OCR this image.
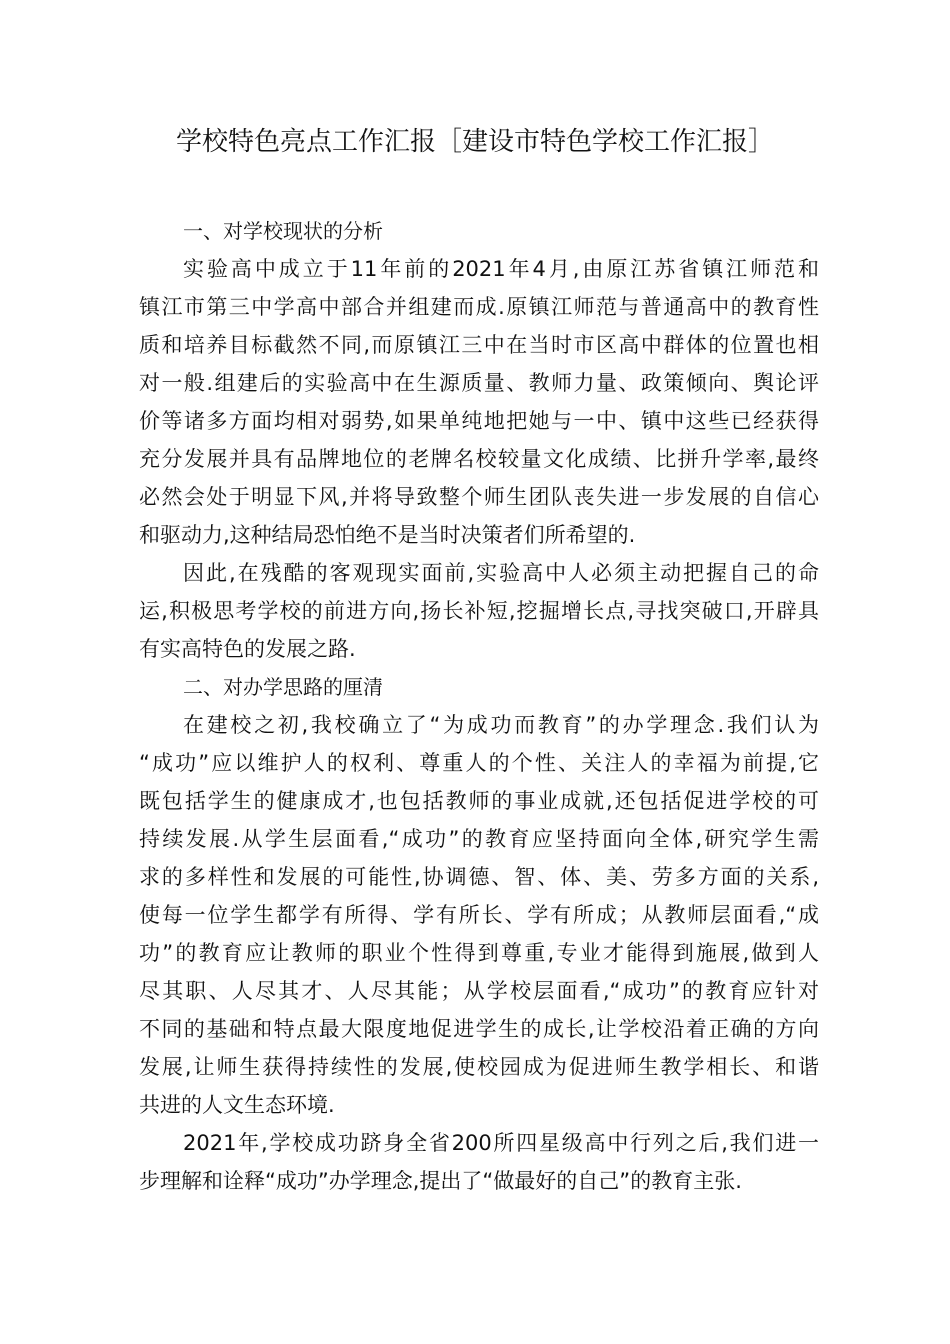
学校特色亮点工作汇报［建设市特色学校工作汇报］

一、对学校现状的分析

实验高中成立于11年前的2021年4月,由原江苏省镇江师范和
镇江市第三中学高中部合并组建而成.原镇江师范与普通高中的教育性
质和培养目标截然不同,而原镇江三中在当时市区高中群体的位置也相
对一般.组建后的实验高中在生源质量、教师力量、政策倾向、舆论评
价等诸多方面均相对弱势,如果单纯地把她与一中、镇中这些已经获得
充分发展并具有品牌地位的老牌名校较量文化成绩、比拼升学率,最终
必然会处于明显下风,并将导致整个师生团队丧失进一步发展的自信心
和驱动力,这种结局恐怕绝不是当时决策者们所希望的.
因此,在残酷的客观现实面前,实验高中人必须主动把握自己的命
运,积极思考学校的前进方向,扬长补短,挖掘增长点,寻找突破口,开辟具
有实高特色的发展之路.

二、对办学思路的厘清

在建校之初,我校确立了“为成功而教育”的办学理念.我们认为
“成功”应以维护人的权利、尊重人的个性、关注人的幸福为前提,它
既包括学生的健康成才,也包括教师的事业成就,还包括促进学校的可
持续发展.从学生层面看,“成功”的教育应坚持面向全体,研究学生需
求的多样性和发展的可能性,协调德、智、体、美、劳多方面的关系,
使每一位学生都学有所得、学有所长、学有所成；从教师层面看,“成
功”的教育应让教师的职业个性得到尊重,专业才能得到施展,做到人
尽其职、人尽其才、人尽其能；从学校层面看,“成功”的教育应针对
不同的基础和特点最大限度地促进学生的成长,让学校沿着正确的方向
发展,让师生获得持续性的发展,使校园成为促进师生教学相长、和谐
共进的人文生态环境.
2021年,学校成功跻身全省200所四星级高中行列之后,我们进一
步理解和诠释“成功”办学理念,提出了“做最好的自己”的教育主张.
